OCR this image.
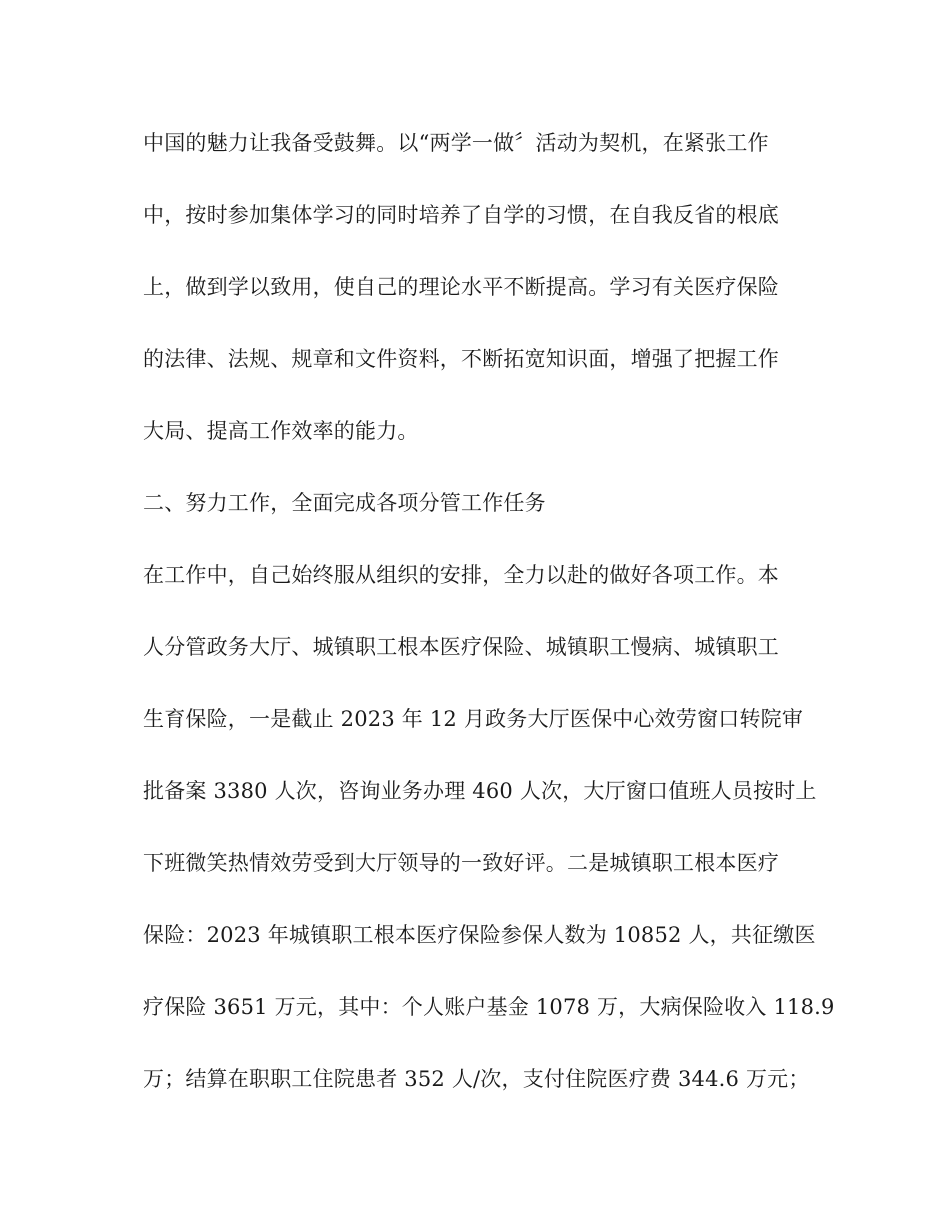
中国的魅力让我备受鼓舞。以“两学一做〞活动为契机，在紧张工作

中，按时参加集体学习的同时培养了自学的习惯，在自我反省的根底

上，做到学以致用，使自己的理论水平不断提高。学习有关医疗保险

的法律、法规、规章和文件资料，不断拓宽知识面，增强了把握工作

大局、提高工作效率的能力。

二、努力工作，全面完成各项分管工作任务

在工作中，自己始终服从组织的安排，全力以赴的做好各项工作。本

人分管政务大厅、城镇职工根本医疗保险、城镇职工慢病、城镇职工

生育保险，一是截止 2023 年 12 月政务大厅医保中心效劳窗口转院审

批备案 3380 人次，咨询业务办理 460 人次，大厅窗口值班人员按时上

下班微笑热情效劳受到大厅领导的一致好评。二是城镇职工根本医疗

保险：2023 年城镇职工根本医疗保险参保人数为 10852 人，共征缴医

疗保险 3651 万元，其中：个人账户基金 1078 万，大病保险收入 118.9

万；结算在职职工住院患者 352 人/次，支付住院医疗费 344.6 万元；
